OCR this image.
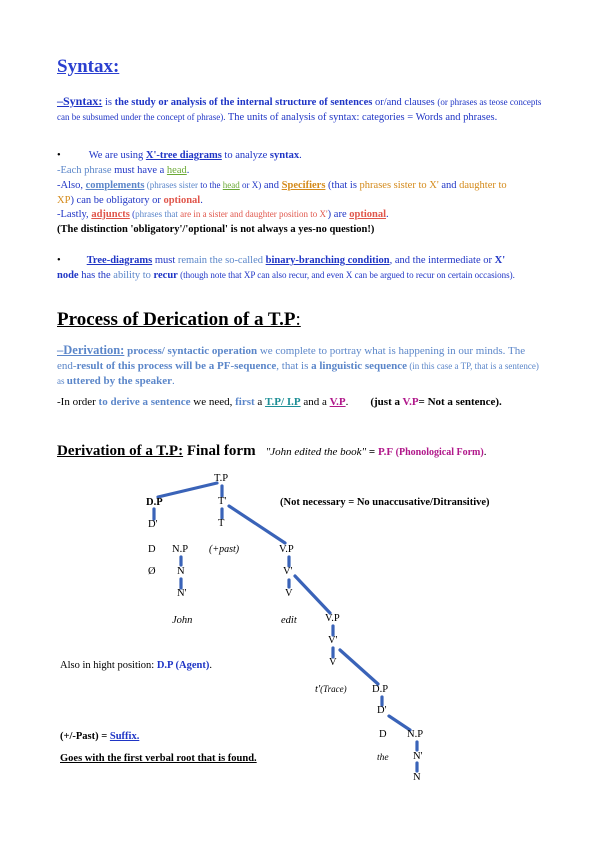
Syntax:
–Syntax: is the study or analysis of the internal structure of sentences or/and clauses (or phrases as teose concepts can be subsumed under the concept of phrase). The units of analysis of syntax: categories = Words and phrases.
•	We are using X'-tree diagrams to analyze syntax.
-Each phrase must have a head.
-Also, complements (phrases sister to the head or X) and Specifiers (that is phrases sister to X' and daughter to
XP) can be obligatory or optional.
-Lastly, adjuncts (phrases that are in a sister and daughter position to X') are optional.
(The distinction 'obligatory'/'optional' is not always a yes-no question!)
• Tree-diagrams must remain the so-called binary-branching condition, and the intermediate or X'
node has the ability to recur (though note that XP can also recur, and even X can be argued to recur on certain occasions).
Process of Derication of a T.P:
–Derivation: process/ syntactic operation we complete to portray what is happening in our minds. The end-result of this process will be a PF-sequence, that is a linguistic sequence (in this case a TP, that is a sentence) as uttered by the speaker.
-In order to derive a sentence we need, first a T.P/ I.P and a V.P. (just a V.P= Not a sentence).
Derivation of a T.P: Final form "John edited the book" = P.F (Phonological Form).
T.P
D.P	T'	(Not necessary = No unaccusative/Ditransitive)
D'	T
D N.P (+past)	V.P
Ø N	V'
N'	V
John	edit	V.P
V'
V
t'(Trace) D.P
D'
D N.P
the N'
N
Also in hight position: D.P (Agent).
(+/-Past) = Suffix.
Goes with the first verbal root that is found.
